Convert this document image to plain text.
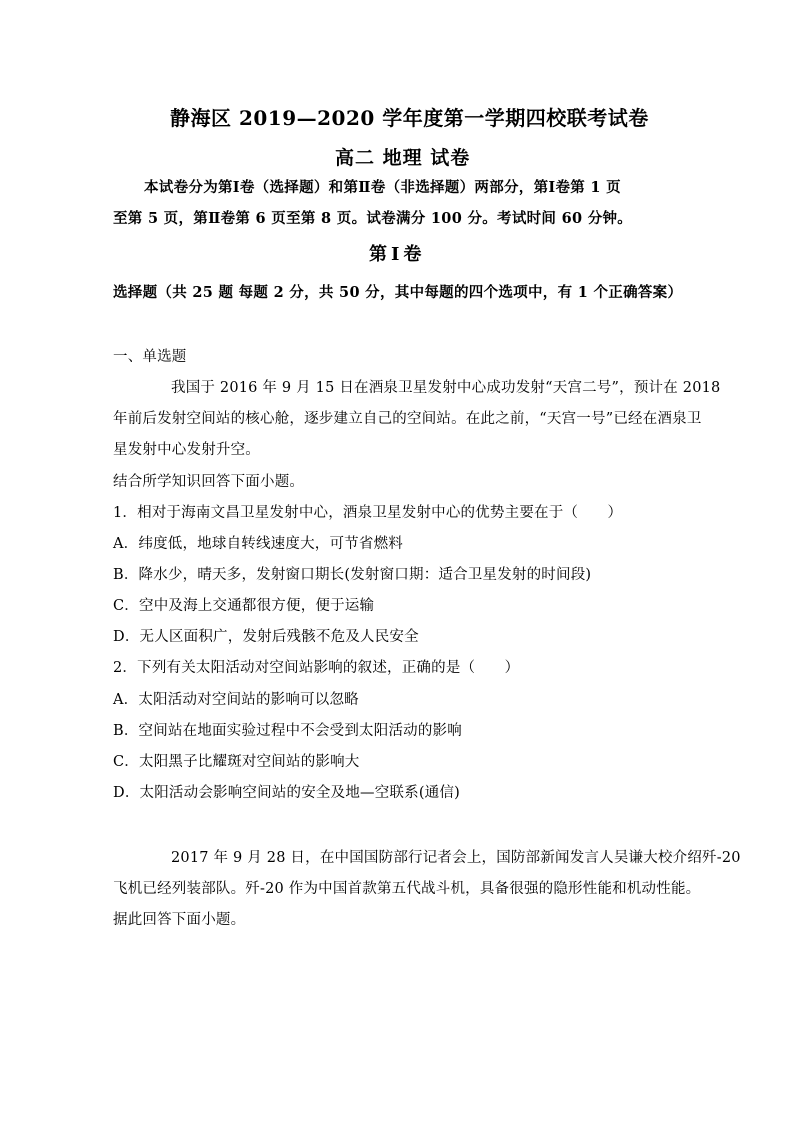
静海区 2019—2020 学年度第一学期四校联考试卷
高二 地理 试卷
本试卷分为第Ⅰ卷（选择题）和第Ⅱ卷（非选择题）两部分，第Ⅰ卷第 1 页
至第 5 页，第Ⅱ卷第 6 页至第 8 页。试卷满分 100 分。考试时间 60 分钟。
第Ⅰ卷
选择题（共 25 题 每题 2 分，共 50 分，其中每题的四个选项中，有 1 个正确答案）
一、单选题
我国于 2016 年 9 月 15 日在酒泉卫星发射中心成功发射“天宫二号”，预计在 2018
年前后发射空间站的核心舱，逐步建立自己的空间站。在此之前，“天宫一号”已经在酒泉卫
星发射中心发射升空。
结合所学知识回答下面小题。
1．相对于海南文昌卫星发射中心，酒泉卫星发射中心的优势主要在于（　　）
A．纬度低，地球自转线速度大，可节省燃料
B．降水少，晴天多，发射窗口期长(发射窗口期：适合卫星发射的时间段)
C．空中及海上交通都很方便，便于运输
D．无人区面积广，发射后残骸不危及人民安全
2．下列有关太阳活动对空间站影响的叙述，正确的是（　　）
A．太阳活动对空间站的影响可以忽略
B．空间站在地面实验过程中不会受到太阳活动的影响
C．太阳黑子比耀斑对空间站的影响大
D．太阳活动会影响空间站的安全及地—空联系(通信)
2017 年 9 月 28 日，在中国国防部行记者会上，国防部新闻发言人吴谦大校介绍歼-20
飞机已经列装部队。歼-20 作为中国首款第五代战斗机，具备很强的隐形性能和机动性能。
据此回答下面小题。
